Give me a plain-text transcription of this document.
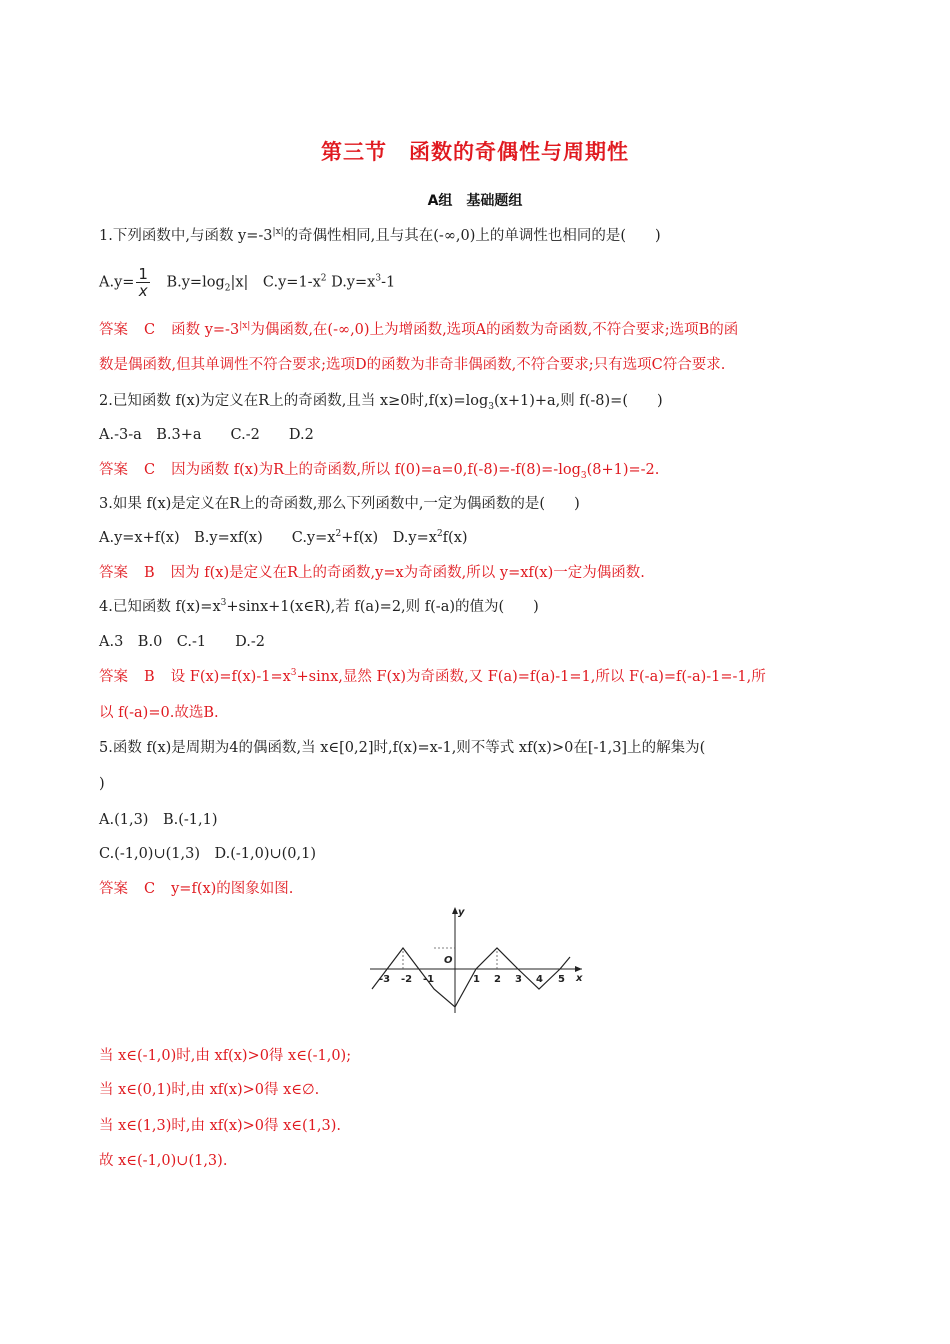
第三节　函数的奇偶性与周期性
A组　基础题组
1.下列函数中,与函数 $y=-3^{|x|}$的奇偶性相同,且与其在(-∞,0)上的单调性也相同的是(　　)
$A.y= \frac{1}{x}$ 　$B.y=\log_2|x|$　$C.y=1-x^2$ $D.y=x^3-1$
答案 C 函数 $y=-3^{|x|}$为偶函数,在(-∞,0)上为增函数,选项A的函数为奇函数,不符合要求;选项B的函
数是偶函数,但其单调性不符合要求;选项D的函数为非奇非偶函数,不符合要求;只有选项C符合要求.
2.已知函数 f(x)为定义在R上的奇函数,且当 x≥0时$,f(x)=\log_3(x+1)+a$,则 f(-8)=(　　)
A.-3-a　B.3+a　　C.-2　　D.2
答案 C 因为函数 f(x)为R上的奇函数,所以 $f(0)=a=0,f(-8)=-f(8)=-\log_3(8+1)=-2$.
3.如果 f(x)是定义在R上的奇函数,那么下列函数中,一定为偶函数的是(　　)
A.y=x+f(x)　B.y=xf(x)　　$C.y=x^2+f(x)$　$D.y=x^2f(x)$
答案 B 因为 f(x)是定义在R上的奇函数,y=x为奇函数,所以 y=xf(x)一定为偶函数.
4.已知函数 $f(x)=x^3+\sin x+1(x\in R)$,若 f(a)=2,则 f(-a)的值为(　　)
A.3　B.0　C.-1　　D.-2
答案 B 设 $F(x)=f(x)-1=x^3+\sin x$,显然 F(x)为奇函数,又 F(a)=f(a)-1=1,所以 F(-a)=f(-a)-1=-1,所
以 f(-a)=0.故选B.
5.函数 f(x)是周期为4的偶函数,当 x∈[0,2]时,f(x)=x-1,则不等式 xf(x)>0在[-1,3]上的解集为(
)
A.(1,3)　B.(-1,1)
C.(-1,0)∪(1,3)　D.(-1,0)∪(0,1)
答案 C y=f(x)的图象如图.
y
x
O
-3 -2 -1	1 2 3 4 5
当 x∈(-1,0)时,由 xf(x)>0得 x∈(-1,0);
当 x∈(0,1)时,由 xf(x)>0得 x∈∅.
当 x∈(1,3)时,由 xf(x)>0得 x∈(1,3).
故 x∈(-1,0)∪(1,3).
